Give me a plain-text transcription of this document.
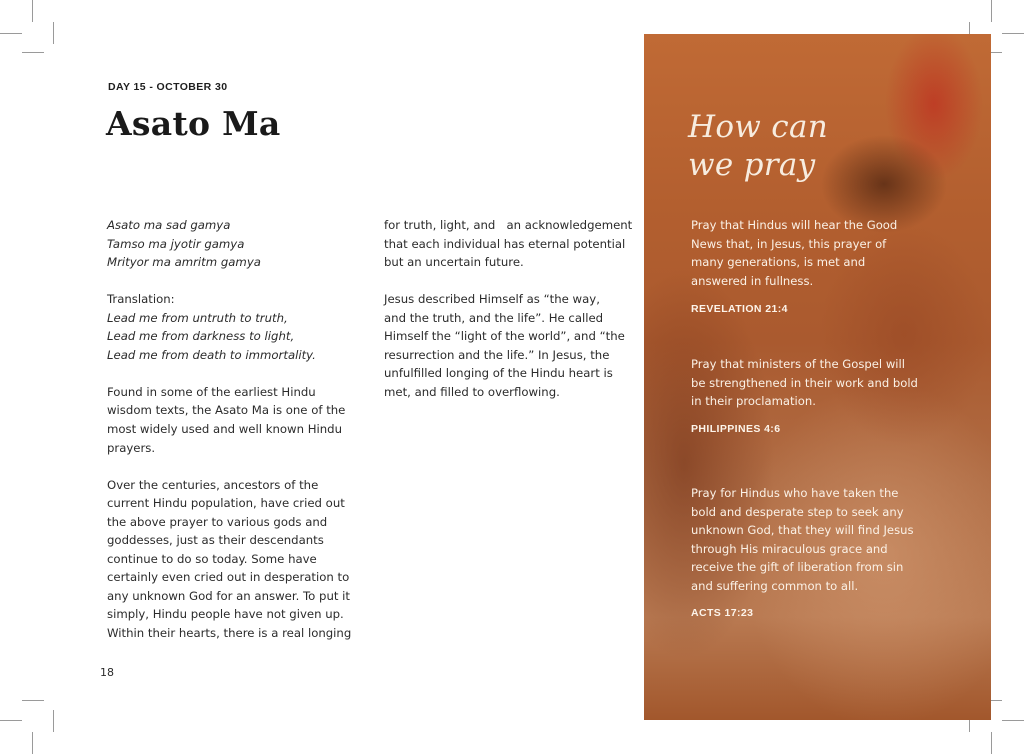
DAY 15 - OCTOBER 30
Asato Ma

Asato ma sad gamya
Tamso ma jyotir gamya
Mrityor ma amritm gamya

Translation:
Lead me from untruth to truth,
Lead me from darkness to light,
Lead me from death to immortality.

Found in some of the earliest Hindu
wisdom texts, the Asato Ma is one of the
most widely used and well known Hindu
prayers.

Over the centuries, ancestors of the
current Hindu population, have cried out
the above prayer to various gods and
goddesses, just as their descendants
continue to do so today. Some have
certainly even cried out in desperation to
any unknown God for an answer. To put it
simply, Hindu people have not given up.
Within their hearts, there is a real longing

for truth, light, and   an acknowledgement
that each individual has eternal potential
but an uncertain future.

Jesus described Himself as “the way,
and the truth, and the life”. He called
Himself the “light of the world”, and “the
resurrection and the life.” In Jesus, the
unfulfilled longing of the Hindu heart is
met, and filled to overflowing.

18
How can
we pray

Pray that Hindus will hear the Good News that, in Jesus, this prayer of many generations, is met and answered in fullness.

REVELATION 21:4

Pray that ministers of the Gospel will be strengthened in their work and bold in their proclamation.

PHILIPPINES 4:6

Pray for Hindus who have taken the bold and desperate step to seek any unknown God, that they will find Jesus through His miraculous grace and receive the gift of liberation from sin and suffering common to all.

ACTS 17:23
